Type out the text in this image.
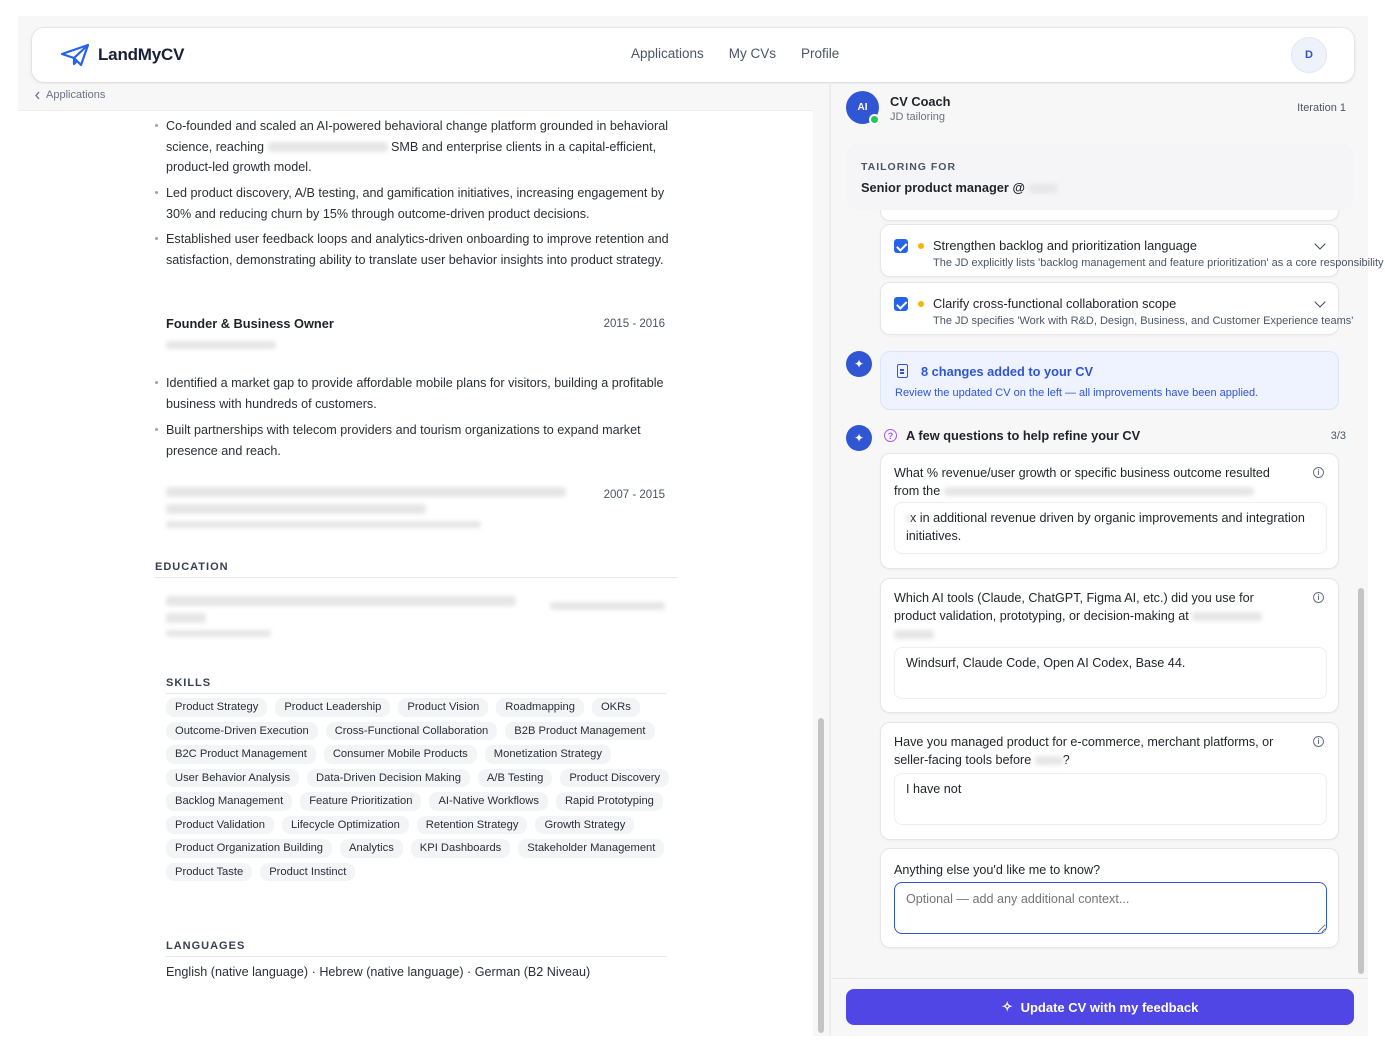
LandMyCV	Applications My CVs Profile	D
Applications
Co-founded and scaled an AI-powered behavioral change platform grounded in behavioral science, reaching	SMB and enterprise clients in a capital-efficient, product-led growth model.
Led product discovery, A/B testing, and gamification initiatives, increasing engagement by 30% and reducing churn by 15% through outcome-driven product decisions.
Established user feedback loops and analytics-driven onboarding to improve retention and satisfaction, demonstrating ability to translate user behavior insights into product strategy.
Founder & Business Owner	2015 - 2016
Identified a market gap to provide affordable mobile plans for visitors, building a profitable business with hundreds of customers.
Built partnerships with telecom providers and tourism organizations to expand market presence and reach.
2007 - 2015
EDUCATION
SKILLS
Product Strategy	Product Leadership	Product Vision	Roadmapping	OKRs
Outcome-Driven Execution	Cross-Functional Collaboration	B2B Product Management
B2C Product Management	Consumer Mobile Products	Monetization Strategy
User Behavior Analysis	Data-Driven Decision Making	A/B Testing	Product Discovery
Backlog Management	Feature Prioritization	AI-Native Workflows	Rapid Prototyping
Product Validation	Lifecycle Optimization	Retention Strategy	Growth Strategy
Product Organization Building	Analytics	KPI Dashboards	Stakeholder Management
Product Taste	Product Instinct
LANGUAGES
English (native language) · Hebrew (native language) · German (B2 Niveau)
AI	CV Coach
JD tailoring
Iteration 1
TAILORING FOR
Senior product manager @
Strengthen backlog and prioritization language
The JD explicitly lists 'backlog management and feature prioritization' as a core responsibility
Clarify cross-functional collaboration scope
The JD specifies 'Work with R&D, Design, Business, and Customer Experience teams'
✦	8 changes added to your CV
Review the updated CV on the left — all improvements have been applied.
✦	? A few questions to help refine your CV	3/3
What % revenue/user growth or specific business outcome resulted from the
i
x in additional revenue driven by organic improvements and integration initiatives.
Which AI tools (Claude, ChatGPT, Figma AI, etc.) did you use for product validation, prototyping, or decision-making at
i
Windsurf, Claude Code, Open AI Codex, Base 44.
Have you managed product for e-commerce, merchant platforms, or seller-facing tools before	?
i
I have not
Anything else you'd like me to know?
Optional — add any additional context...
✧ Update CV with my feedback
